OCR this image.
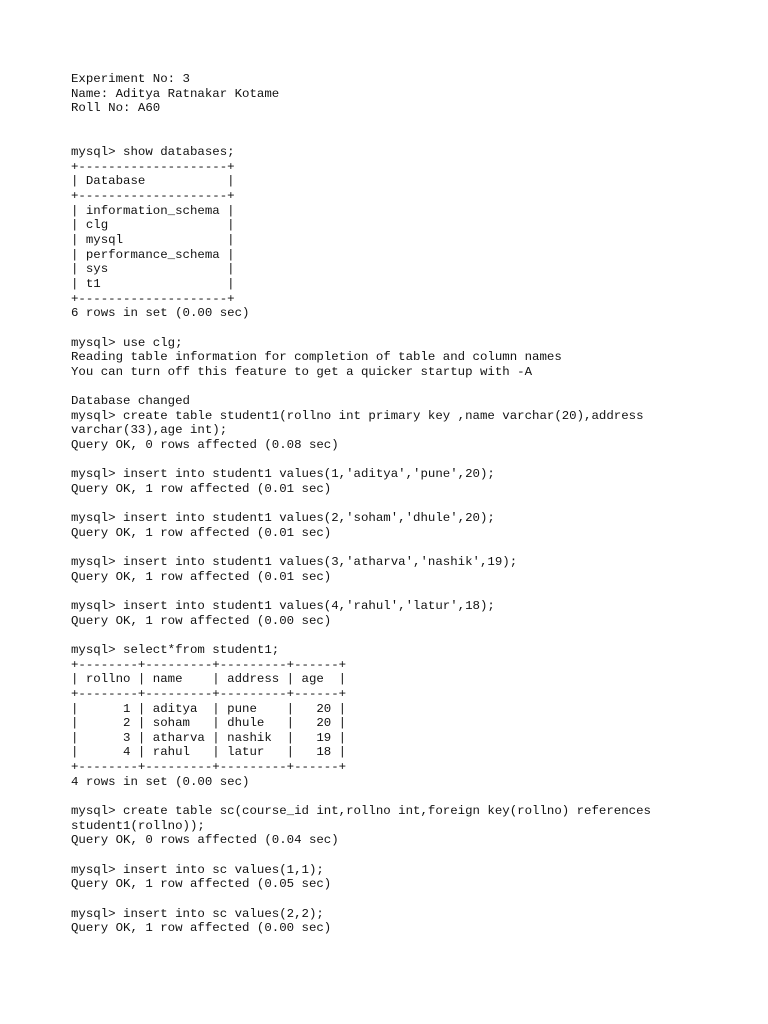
Experiment No: 3
Name: Aditya Ratnakar Kotame
Roll No: A60
mysql> show databases;
+--------------------+
| Database           |
+--------------------+
| information_schema |
| clg                |
| mysql              |
| performance_schema |
| sys                |
| t1                 |
+--------------------+
6 rows in set (0.00 sec)
mysql> use clg;
Reading table information for completion of table and column names
You can turn off this feature to get a quicker startup with -A
Database changed
mysql> create table student1(rollno int primary key ,name varchar(20),address
varchar(33),age int);
Query OK, 0 rows affected (0.08 sec)
mysql> insert into student1 values(1,'aditya','pune',20);
Query OK, 1 row affected (0.01 sec)
mysql> insert into student1 values(2,'soham','dhule',20);
Query OK, 1 row affected (0.01 sec)
mysql> insert into student1 values(3,'atharva','nashik',19);
Query OK, 1 row affected (0.01 sec)
mysql> insert into student1 values(4,'rahul','latur',18);
Query OK, 1 row affected (0.00 sec)
mysql> select*from student1;
+--------+---------+---------+------+
| rollno | name    | address | age  |
+--------+---------+---------+------+
|      1 | aditya  | pune    |   20 |
|      2 | soham   | dhule   |   20 |
|      3 | atharva | nashik  |   19 |
|      4 | rahul   | latur   |   18 |
+--------+---------+---------+------+
4 rows in set (0.00 sec)
mysql> create table sc(course_id int,rollno int,foreign key(rollno) references
student1(rollno));
Query OK, 0 rows affected (0.04 sec)
mysql> insert into sc values(1,1);
Query OK, 1 row affected (0.05 sec)
mysql> insert into sc values(2,2);
Query OK, 1 row affected (0.00 sec)
